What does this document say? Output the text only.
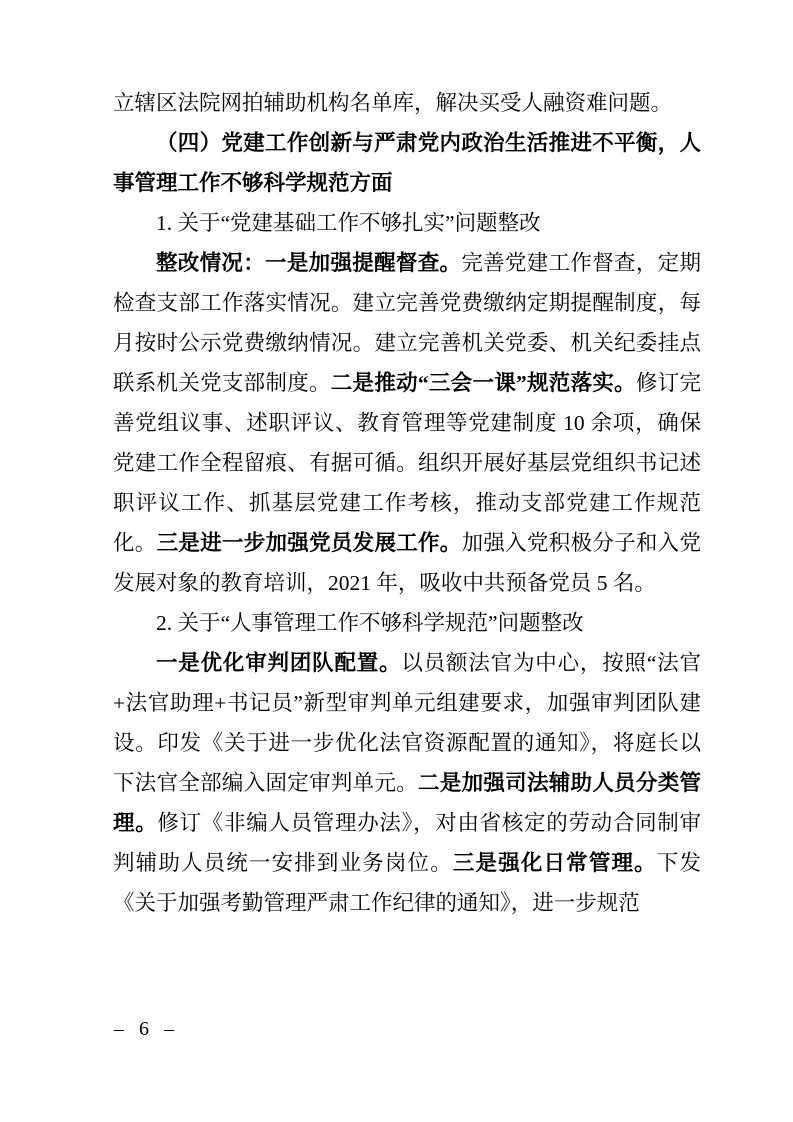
立辖区法院网拍辅助机构名单库，解决买受人融资难问题。

（四）党建工作创新与严肃党内政治生活推进不平衡，人事管理工作不够科学规范方面

1. 关于“党建基础工作不够扎实”问题整改

整改情况：一是加强提醒督查。完善党建工作督查，定期检查支部工作落实情况。建立完善党费缴纳定期提醒制度，每月按时公示党费缴纳情况。建立完善机关党委、机关纪委挂点联系机关党支部制度。二是推动“三会一课”规范落实。修订完善党组议事、述职评议、教育管理等党建制度 10 余项，确保党建工作全程留痕、有据可循。组织开展好基层党组织书记述职评议工作、抓基层党建工作考核，推动支部党建工作规范化。三是进一步加强党员发展工作。加强入党积极分子和入党发展对象的教育培训，2021 年，吸收中共预备党员 5 名。

2. 关于“人事管理工作不够科学规范”问题整改

一是优化审判团队配置。以员额法官为中心，按照“法官+法官助理+书记员”新型审判单元组建要求，加强审判团队建设。印发《关于进一步优化法官资源配置的通知》，将庭长以下法官全部编入固定审判单元。二是加强司法辅助人员分类管理。修订《非编人员管理办法》，对由省核定的劳动合同制审判辅助人员统一安排到业务岗位。三是强化日常管理。下发《关于加强考勤管理严肃工作纪律的通知》，进一步规范

– 6 –
